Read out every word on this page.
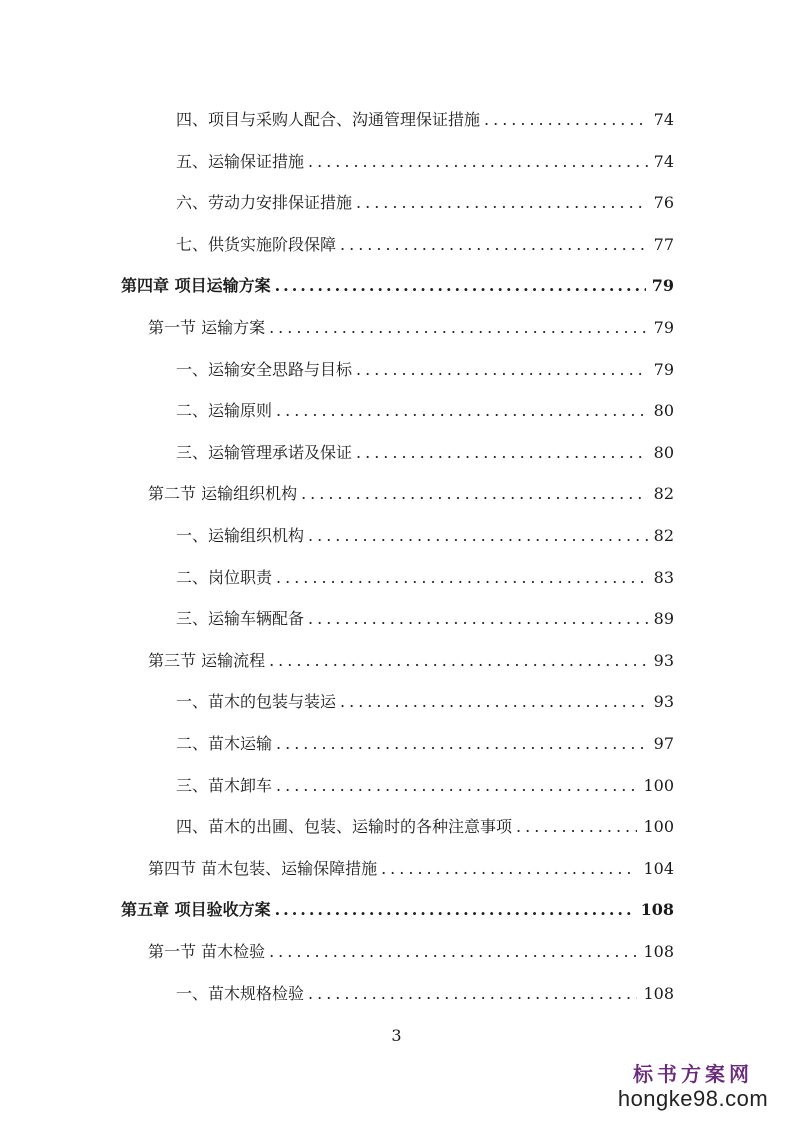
四、项目与采购人配合、沟通管理保证措施 .....	74
五、运输保证措施 .....	74
六、劳动力安排保证措施 .....	76
七、供货实施阶段保障 .....	77
第四章 项目运输方案 .....	79
第一节 运输方案 .....	79
一、运输安全思路与目标 .....	79
二、运输原则 .....	80
三、运输管理承诺及保证 .....	80
第二节 运输组织机构 .....	82
一、运输组织机构 .....	82
二、岗位职责 .....	83
三、运输车辆配备 .....	89
第三节 运输流程 .....	93
一、苗木的包装与装运 .....	93
二、苗木运输 .....	97
三、苗木卸车 .....	100
四、苗木的出圃、包装、运输时的各种注意事项 .....	100
第四节 苗木包装、运输保障措施 .....	104
第五章 项目验收方案 .....	108
第一节 苗木检验 .....	108
一、苗木规格检验 .....	108
3
标书方案网
hongke98.com
